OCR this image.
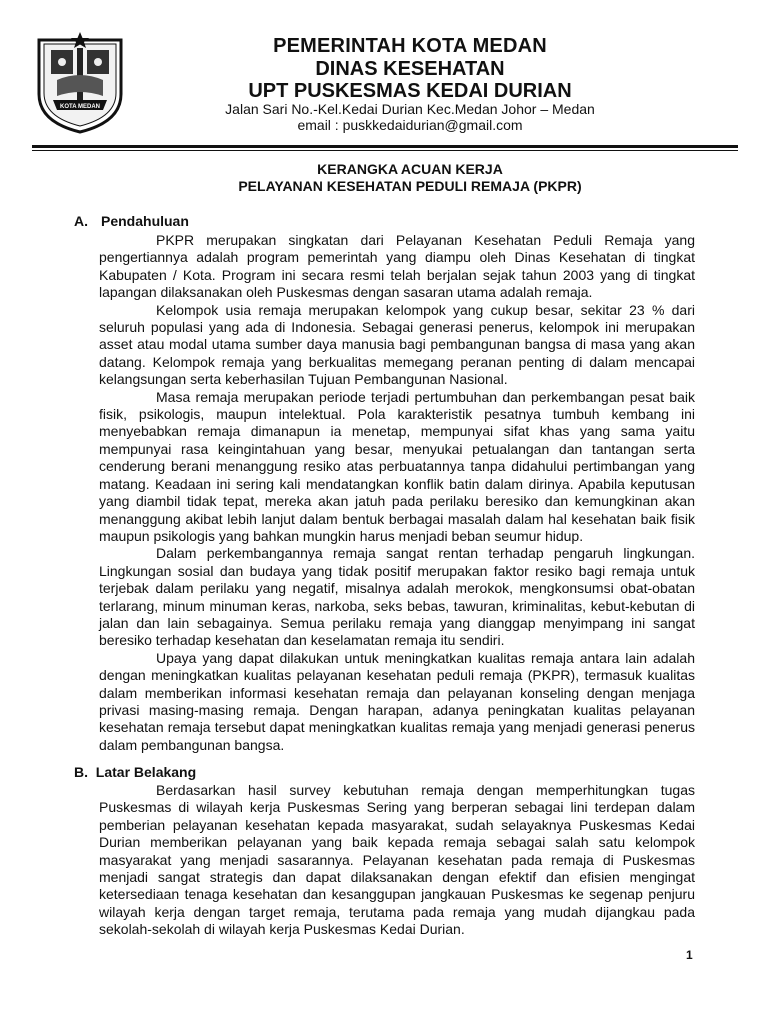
KOTA MEDAN
PEMERINTAH KOTA MEDAN
DINAS KESEHATAN
UPT PUSKESMAS KEDAI DURIAN
Jalan Sari No.-Kel.Kedai Durian Kec.Medan Johor – Medan
email : puskkedaidurian@gmail.com
KERANGKA ACUAN KERJA
PELAYANAN KESEHATAN PEDULI REMAJA (PKPR)
A. Pendahuluan

PKPR merupakan singkatan dari Pelayanan Kesehatan Peduli Remaja yang pengertiannya adalah program pemerintah yang diampu oleh Dinas Kesehatan di tingkat Kabupaten / Kota. Program ini secara resmi telah berjalan sejak tahun 2003 yang di tingkat lapangan dilaksanakan oleh Puskesmas dengan sasaran utama adalah remaja.

Kelompok usia remaja merupakan kelompok yang cukup besar, sekitar 23 % dari seluruh populasi yang ada di Indonesia. Sebagai generasi penerus, kelompok ini merupakan asset atau modal utama sumber daya manusia bagi pembangunan bangsa di masa yang akan datang. Kelompok remaja yang berkualitas memegang peranan penting di dalam mencapai kelangsungan serta keberhasilan Tujuan Pembangunan Nasional.

Masa remaja merupakan periode terjadi pertumbuhan dan perkembangan pesat baik fisik, psikologis, maupun intelektual. Pola karakteristik pesatnya tumbuh kembang ini menyebabkan remaja dimanapun ia menetap, mempunyai sifat khas yang sama yaitu mempunyai rasa keingintahuan yang besar, menyukai petualangan dan tantangan serta cenderung berani menanggung resiko atas perbuatannya tanpa didahului pertimbangan yang matang. Keadaan ini sering kali mendatangkan konflik batin dalam dirinya. Apabila keputusan yang diambil tidak tepat, mereka akan jatuh pada perilaku beresiko dan kemungkinan akan menanggung akibat lebih lanjut dalam bentuk berbagai masalah dalam hal kesehatan baik fisik maupun psikologis yang bahkan mungkin harus menjadi beban seumur hidup.

Dalam perkembangannya remaja sangat rentan terhadap pengaruh lingkungan. Lingkungan sosial dan budaya yang tidak positif merupakan faktor resiko bagi remaja untuk terjebak dalam perilaku yang negatif, misalnya adalah merokok, mengkonsumsi obat-obatan terlarang, minum minuman keras, narkoba, seks bebas, tawuran, kriminalitas, kebut-kebutan di jalan dan lain sebagainya. Semua perilaku remaja yang dianggap menyimpang ini sangat beresiko terhadap kesehatan dan keselamatan remaja itu sendiri.

Upaya yang dapat dilakukan untuk meningkatkan kualitas remaja antara lain adalah dengan meningkatkan kualitas pelayanan kesehatan peduli remaja (PKPR), termasuk kualitas dalam memberikan informasi kesehatan remaja dan pelayanan konseling dengan menjaga privasi masing-masing remaja. Dengan harapan, adanya peningkatan kualitas pelayanan kesehatan remaja tersebut dapat meningkatkan kualitas remaja yang menjadi generasi penerus dalam pembangunan bangsa.

B.  Latar Belakang

Berdasarkan hasil survey kebutuhan remaja dengan memperhitungkan tugas Puskesmas di wilayah kerja Puskesmas Sering yang berperan sebagai lini terdepan dalam pemberian pelayanan kesehatan kepada masyarakat, sudah selayaknya Puskesmas Kedai Durian memberikan pelayanan yang baik kepada remaja sebagai salah satu kelompok masyarakat yang menjadi sasarannya. Pelayanan kesehatan pada remaja di Puskesmas menjadi sangat strategis dan dapat dilaksanakan dengan efektif dan efisien mengingat ketersediaan tenaga kesehatan dan kesanggupan jangkauan Puskesmas ke segenap penjuru wilayah kerja dengan target remaja, terutama pada remaja yang mudah dijangkau pada sekolah-sekolah di wilayah kerja Puskesmas Kedai Durian.

1
